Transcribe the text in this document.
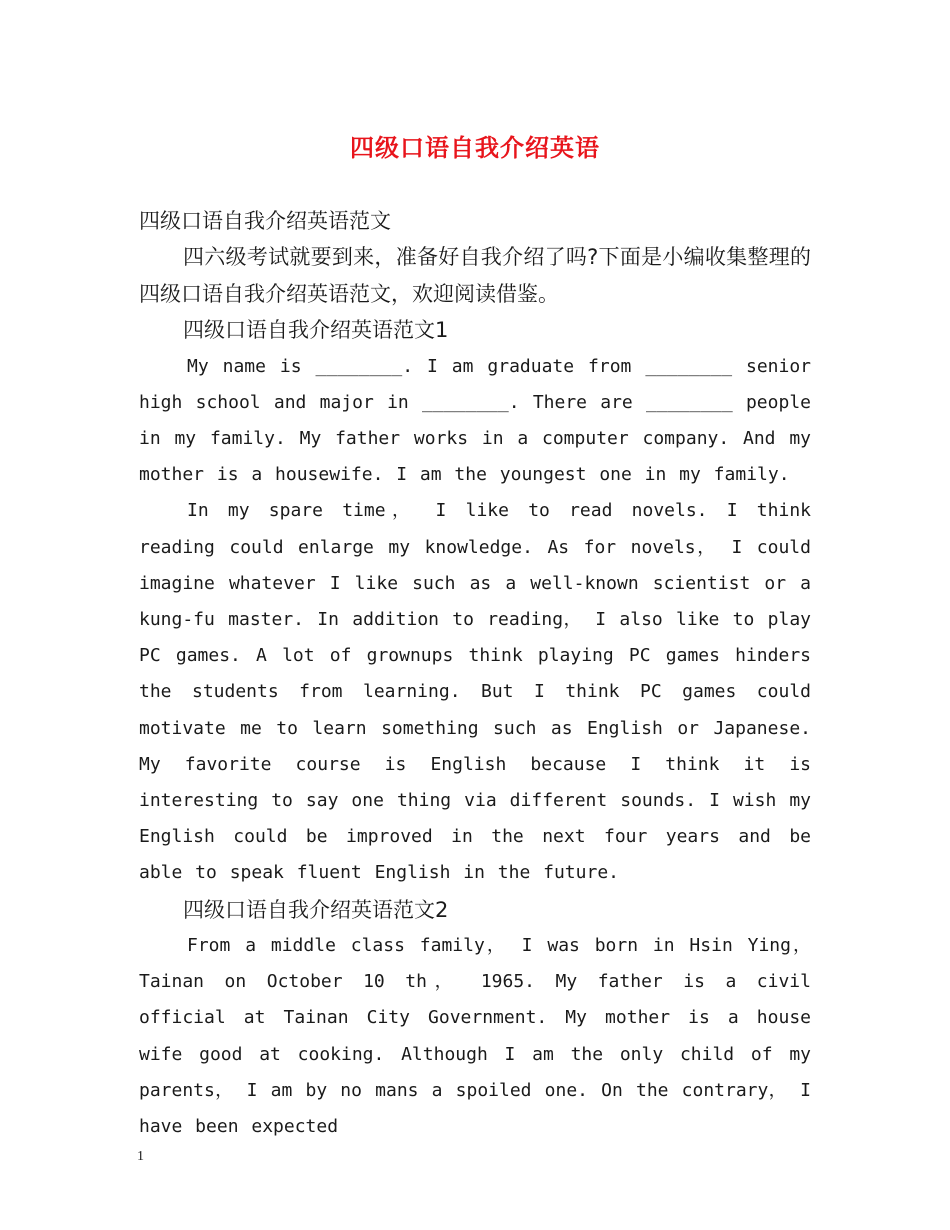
四级口语自我介绍英语

四级口语自我介绍英语范文

四六级考试就要到来，准备好自我介绍了吗?下面是小编收集整理的四级口语自我介绍英语范文，欢迎阅读借鉴。

四级口语自我介绍英语范文1

My name is ________. I am graduate from ________ senior high school and major in ________. There are ________ people in my family. My father works in a computer company. And my mother is a housewife. I am the youngest one in my family.

In my spare time， I like to read novels. I think reading could enlarge my knowledge. As for novels， I could imagine whatever I like such as a well-known scientist or a kung-fu master. In addition to reading， I also like to play PC games. A lot of grownups think playing PC games hinders the students from learning. But I think PC games could motivate me to learn something such as English or Japanese. My favorite course is English because I think it is interesting to say one thing via different sounds. I wish my English could be improved in the next four years and be able to speak fluent English in the future.

四级口语自我介绍英语范文2

From a middle class family， I was born in Hsin Ying， Tainan on October 10 th， 1965. My father is a civil official at Tainan City Government. My mother is a house wife good at cooking. Although I am the only child of my parents， I am by no mans a spoiled one. On the contrary， I have been expected

1
